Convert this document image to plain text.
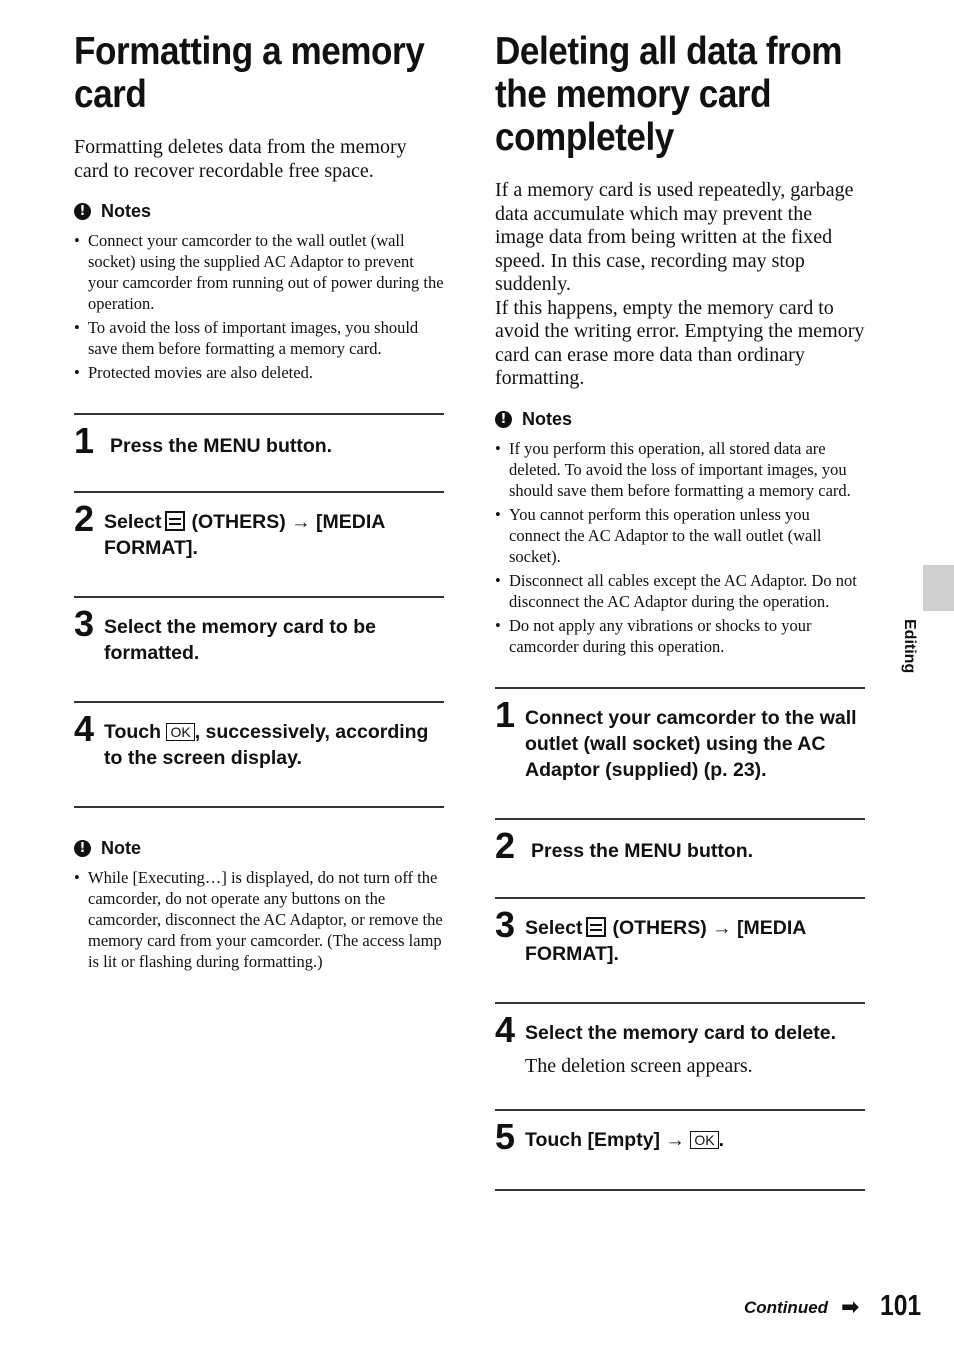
Formatting a memory card

Formatting deletes data from the memory card to recover recordable free space.

! Notes
• Connect your camcorder to the wall outlet (wall socket) using the supplied AC Adaptor to prevent your camcorder from running out of power during the operation.
• To avoid the loss of important images, you should save them before formatting a memory card.
• Protected movies are also deleted.
1 Press the MENU button.
2 Select (OTHERS) → [MEDIA FORMAT].
3 Select the memory card to be formatted.
4 Touch OK , successively, according to the screen display.
! Note
• While [Executing…] is displayed, do not turn off the camcorder, do not operate any buttons on the camcorder, disconnect the AC Adaptor, or remove the memory card from your camcorder. (The access lamp is lit or flashing during formatting.)
Deleting all data from the memory card completely

If a memory card is used repeatedly, garbage data accumulate which may prevent the image data from being written at the fixed speed. In this case, recording may stop suddenly.

If this happens, empty the memory card to avoid the writing error. Emptying the memory card can erase more data than ordinary formatting.

! Notes
• If you perform this operation, all stored data are deleted. To avoid the loss of important images, you should save them before formatting a memory card.
• You cannot perform this operation unless you connect the AC Adaptor to the wall outlet (wall socket).
• Disconnect all cables except the AC Adaptor. Do not disconnect the AC Adaptor during the operation.
• Do not apply any vibrations or shocks to your camcorder during this operation.
1 Connect your camcorder to the wall outlet (wall socket) using the AC Adaptor (supplied) (p. 23).
2 Press the MENU button.
3 Select (OTHERS) → [MEDIA FORMAT].
4 Select the memory card to delete.
The deletion screen appears.
5 Touch [Empty] → OK .
Editing
Continued ➡ 101
